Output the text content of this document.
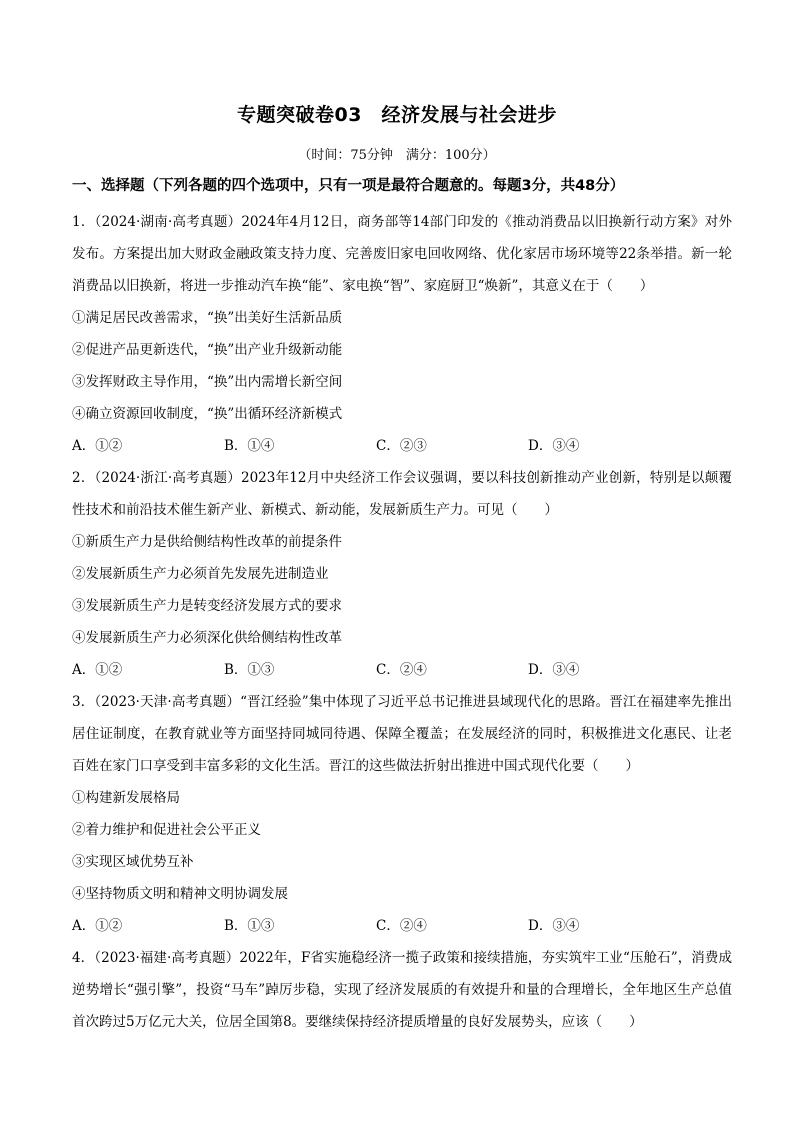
专题突破卷03　经济发展与社会进步
（时间：75分钟　满分：100分）
一、选择题（下列各题的四个选项中，只有一项是最符合题意的。每题3分，共48分）

1．（2024·湖南·高考真题）2024年4月12日，商务部等14部门印发的《推动消费品以旧换新行动方案》对外发布。方案提出加大财政金融政策支持力度、完善废旧家电回收网络、优化家居市场环境等22条举措。新一轮消费品以旧换新，将进一步推动汽车换“能”、家电换“智”、家庭厨卫“焕新”，其意义在于（　　）

①满足居民改善需求，“换”出美好生活新品质

②促进产品更新迭代，“换”出产业升级新动能

③发挥财政主导作用，“换”出内需增长新空间

④确立资源回收制度，“换”出循环经济新模式

A．①②	B．①④	C．②③	D．③④

2．（2024·浙江·高考真题）2023年12月中央经济工作会议强调，要以科技创新推动产业创新，特别是以颠覆性技术和前沿技术催生新产业、新模式、新动能，发展新质生产力。可见（　　）

①新质生产力是供给侧结构性改革的前提条件

②发展新质生产力必须首先发展先进制造业

③发展新质生产力是转变经济发展方式的要求

④发展新质生产力必须深化供给侧结构性改革

A．①②	B．①③	C．②④	D．③④

3．（2023·天津·高考真题）“晋江经验”集中体现了习近平总书记推进县域现代化的思路。晋江在福建率先推出居住证制度，在教育就业等方面坚持同城同待遇、保障全覆盖；在发展经济的同时，积极推进文化惠民、让老百姓在家门口享受到丰富多彩的文化生活。晋江的这些做法折射出推进中国式现代化要（　　）

①构建新发展格局

②着力维护和促进社会公平正义

③实现区域优势互补

④坚持物质文明和精神文明协调发展

A．①②	B．①③	C．②④	D．③④

4．（2023·福建·高考真题）2022年，F省实施稳经济一揽子政策和接续措施，夯实筑牢工业“压舱石”，消费成逆势增长“强引擎”，投资“马车”踔厉步稳，实现了经济发展质的有效提升和量的合理增长，全年地区生产总值首次跨过5万亿元大关，位居全国第8。要继续保持经济提质增量的良好发展势头，应该（　　）
